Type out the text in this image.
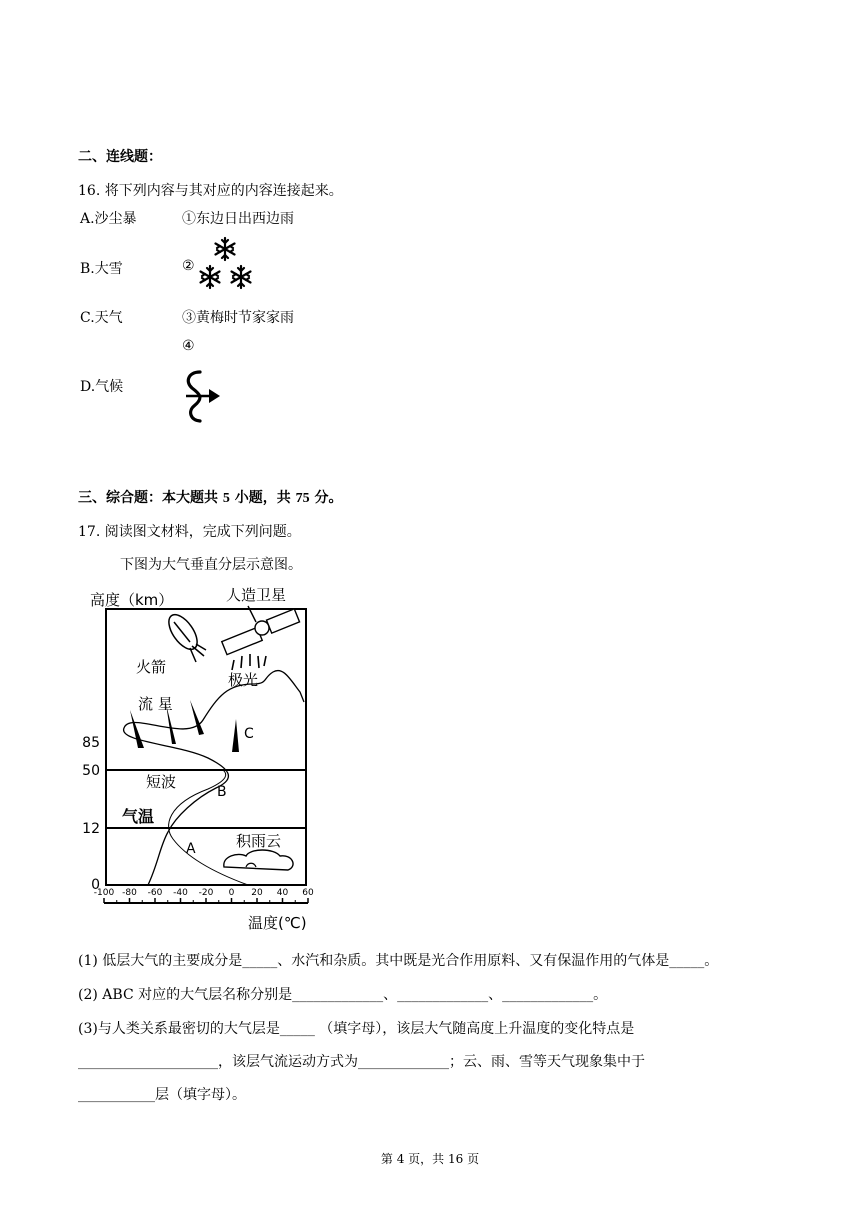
二、连线题：
16. 将下列内容与其对应的内容连接起来。
A.沙尘暴	①东边日出西边雨
B.大雪	②
C.天气	③黄梅时节家家雨
④
D.气候
三、综合题：本大题共 5 小题，共 75 分。
17. 阅读图文材料，完成下列问题。
下图为大气垂直分层示意图。
高度（km）
85
50
12
0
-100 -80 -60 -40 -20 0 20 40 60
温度(℃)
火箭
人造卫星
极光
流 星
C
短波
B
气温
A	积雨云
(1) 低层大气的主要成分是_____、水汽和杂质。其中既是光合作用原料、又有保温作用的气体是_____。
(2) ABC 对应的大气层名称分别是_____________、_____________、_____________。
(3)与人类关系最密切的大气层是_____ （填字母），该层大气随高度上升温度的变化特点是
____________________，该层气流运动方式为_____________；云、雨、雪等天气现象集中于
___________层（填字母）。
第 4 页，共 16 页
